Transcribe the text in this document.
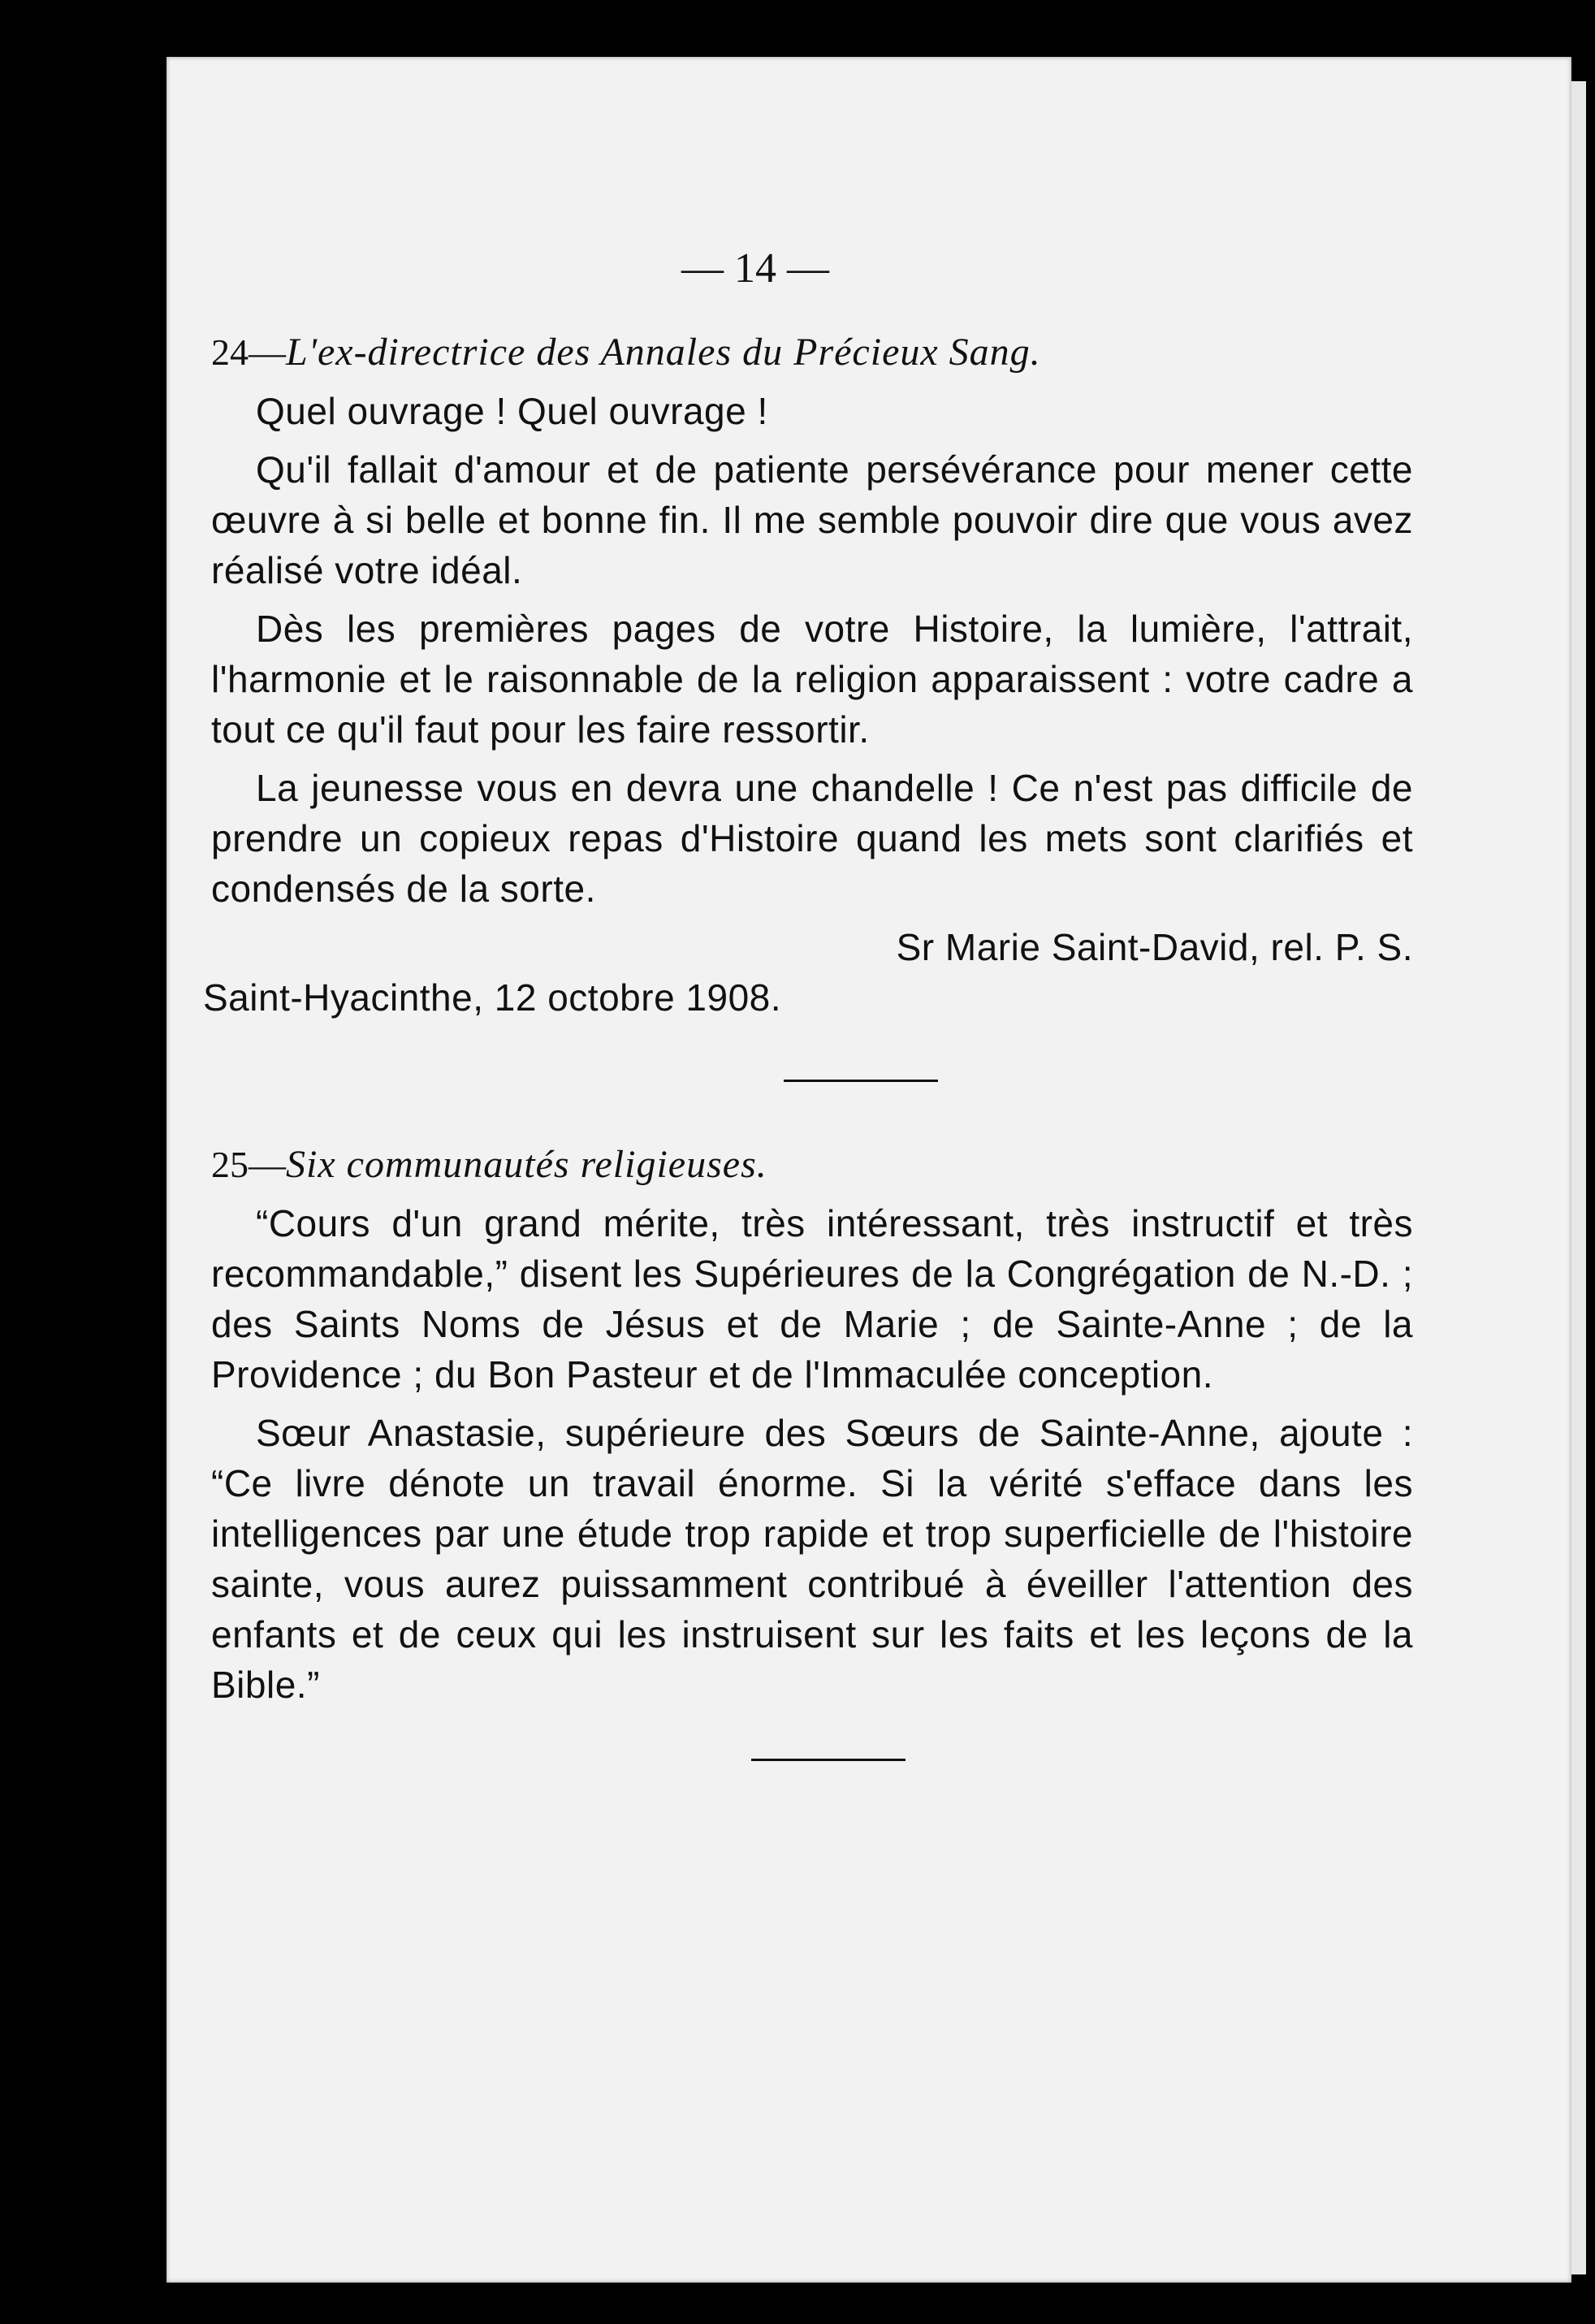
— 14 —

24—L'ex-directrice des Annales du Précieux Sang.

Quel ouvrage ! Quel ouvrage !

Qu'il fallait d'amour et de patiente persévérance pour mener cette œuvre à si belle et bonne fin. Il me semble pouvoir dire que vous avez réalisé votre idéal.

Dès les premières pages de votre Histoire, la lumière, l'attrait, l'harmonie et le raisonnable de la religion apparaissent : votre cadre a tout ce qu'il faut pour les faire ressortir.

La jeunesse vous en devra une chandelle ! Ce n'est pas difficile de prendre un copieux repas d'Histoire quand les mets sont clarifiés et condensés de la sorte.

Sr Marie Saint-David, rel. P. S.

Saint-Hyacinthe, 12 octobre 1908.

25—Six communautés religieuses.

“Cours d'un grand mérite, très intéressant, très instructif et très recommandable,” disent les Supérieures de la Congrégation de N.-D. ; des Saints Noms de Jésus et de Marie ; de Sainte-Anne ; de la Providence ; du Bon Pasteur et de l'Immaculée conception.

Sœur Anastasie, supérieure des Sœurs de Sainte-Anne, ajoute : “Ce livre dénote un travail énorme. Si la vérité s'efface dans les intelligences par une étude trop rapide et trop superficielle de l'histoire sainte, vous aurez puissamment contribué à éveiller l'attention des enfants et de ceux qui les instruisent sur les faits et les leçons de la Bible.”
